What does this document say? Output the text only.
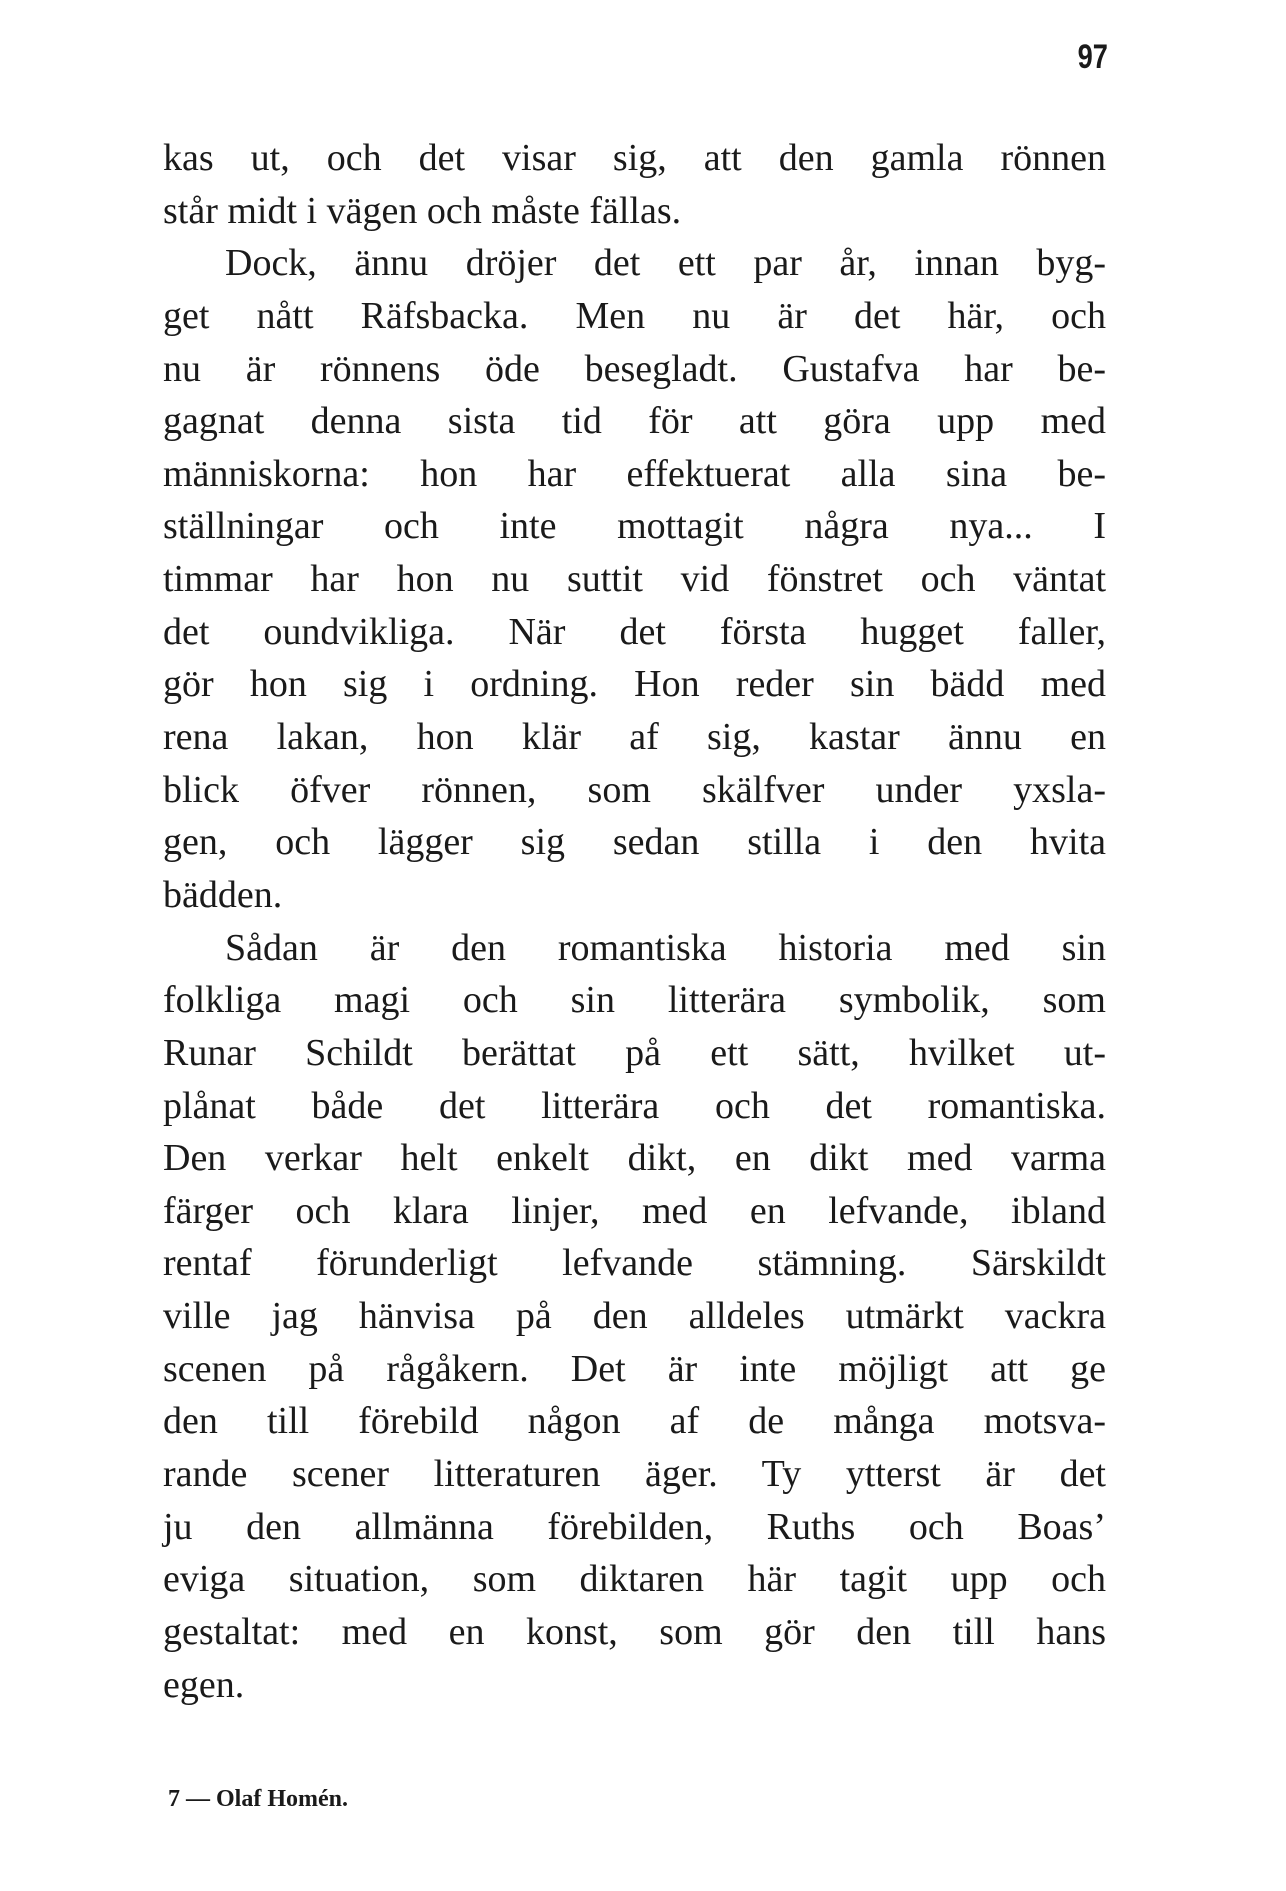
97
kas ut, och det visar sig, att den gamla rönnen
står midt i vägen och måste fällas.
Dock, ännu dröjer det ett par år, innan byg-
get nått Räfsbacka. Men nu är det här, och
nu är rönnens öde besegladt. Gustafva har be-
gagnat denna sista tid för att göra upp med
människorna: hon har effektuerat alla sina be-
ställningar och inte mottagit några nya... I
timmar har hon nu suttit vid fönstret och väntat
det oundvikliga. När det första hugget faller,
gör hon sig i ordning. Hon reder sin bädd med
rena lakan, hon klär af sig, kastar ännu en
blick öfver rönnen, som skälfver under yxsla-
gen, och lägger sig sedan stilla i den hvita
bädden.
Sådan är den romantiska historia med sin
folkliga magi och sin litterära symbolik, som
Runar Schildt berättat på ett sätt, hvilket ut-
plånat både det litterära och det romantiska.
Den verkar helt enkelt dikt, en dikt med varma
färger och klara linjer, med en lefvande, ibland
rentaf förunderligt lefvande stämning. Särskildt
ville jag hänvisa på den alldeles utmärkt vackra
scenen på rågåkern. Det är inte möjligt att ge
den till förebild någon af de många motsva-
rande scener litteraturen äger. Ty ytterst är det
ju den allmänna förebilden, Ruths och Boas’
eviga situation, som diktaren här tagit upp och
gestaltat: med en konst, som gör den till hans
egen.
7 — Olaf Homén.
